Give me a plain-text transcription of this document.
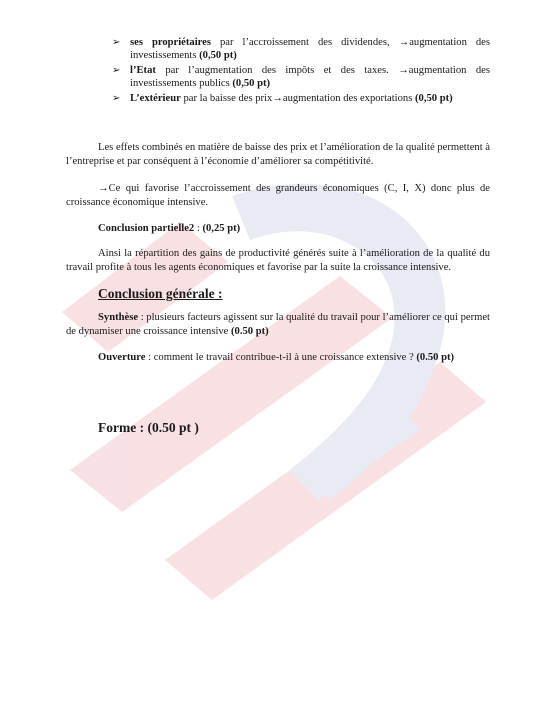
➢ ses propriétaires par l’accroissement des dividendes, →augmentation des investissements (0,50 pt)
➢ l’Etat par l’augmentation des impôts et des taxes. →augmentation des investissements publics (0,50 pt)
➢ L’extérieur par la baisse des prix→augmentation des exportations (0,50 pt)
Les effets combinés en matière de baisse des prix et l’amélioration de la qualité permettent à l’entreprise et par conséquent à l’économie d’améliorer sa compétitivité.
→Ce qui favorise l’accroissement des grandeurs économiques (C, I, X) donc plus de croissance économique intensive.
Conclusion partielle2 : (0,25 pt)
Ainsi la répartition des gains de productivité générés suite à l’amélioration de la qualité du travail profite à tous les agents économiques et favorise par la suite la croissance intensive.
Conclusion générale :
Synthèse : plusieurs facteurs agissent sur la qualité du travail pour l’améliorer ce qui permet de dynamiser une croissance intensive (0.50 pt)
Ouverture : comment le travail contribue-t-il à une croissance extensive ? (0.50 pt)
Forme : (0.50 pt )
